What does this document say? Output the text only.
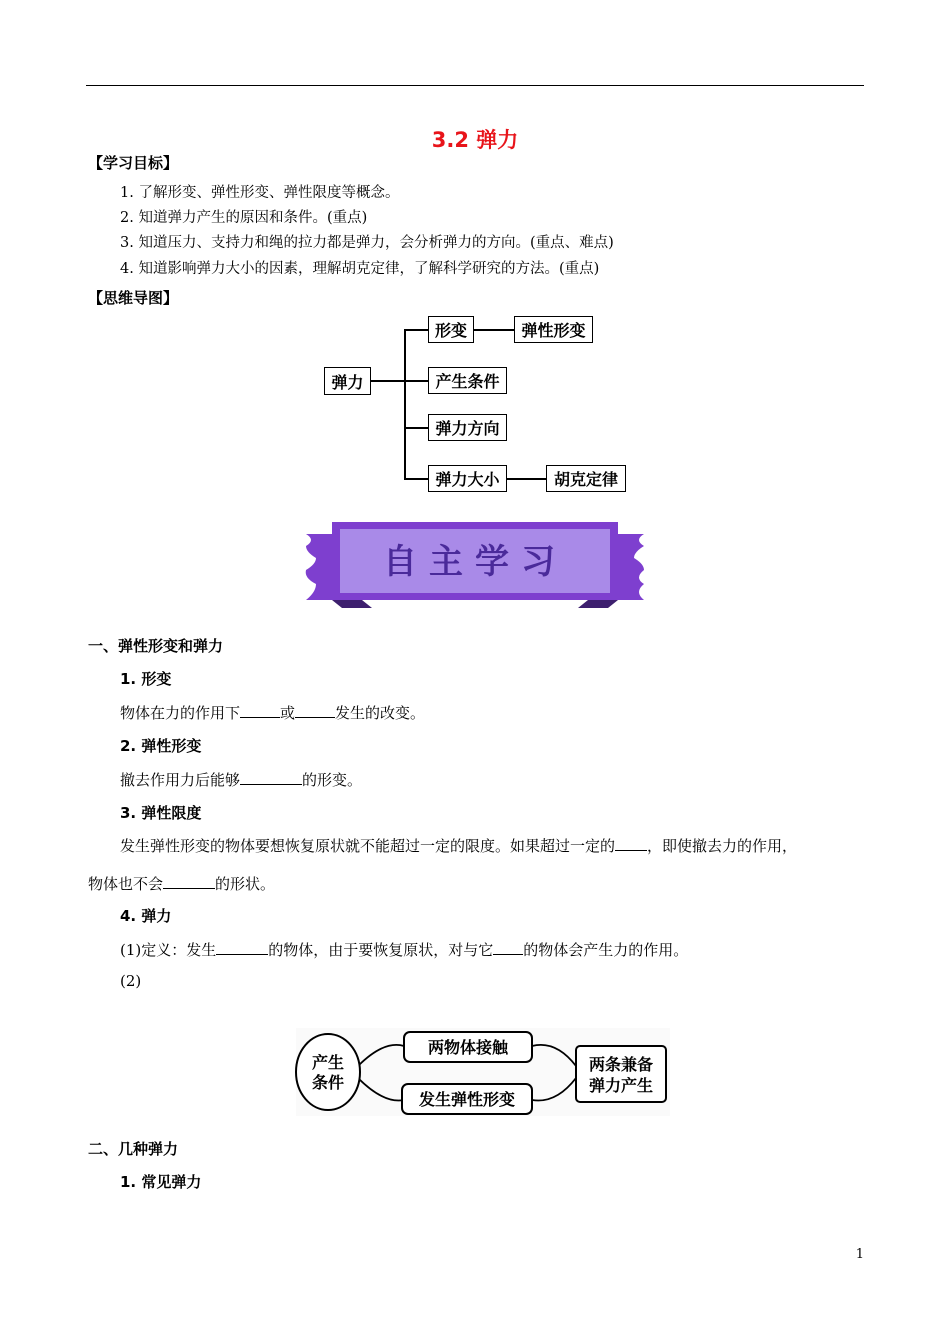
3.2 弹力
【学习目标】
1. 了解形变、弹性形变、弹性限度等概念。
2. 知道弹力产生的原因和条件。(重点)
3. 知道压力、支持力和绳的拉力都是弹力，会分析弹力的方向。(重点、难点)
4. 知道影响弹力大小的因素，理解胡克定律，了解科学研究的方法。(重点)
【思维导图】
弹力
形变	弹性形变
产生条件
弹力方向
弹力大小	胡克定律
自主学习
一、弹性形变和弹力
1. 形变
物体在力的作用下	或	发生的改变。
2. 弹性形变
撤去作用力后能够	的形变。
3. 弹性限度
发生弹性形变的物体要想恢复原状就不能超过一定的限度。如果超过一定的 ，即使撤去力的作用，
物体也不会	的形状。
4. 弹力
(1)定义：发生	的物体，由于要恢复原状，对与它 的物体会产生力的作用。
(2)
产生
条件
两物体接触
发生弹性形变
两条兼备
弹力产生
二、几种弹力
1. 常见弹力
1
